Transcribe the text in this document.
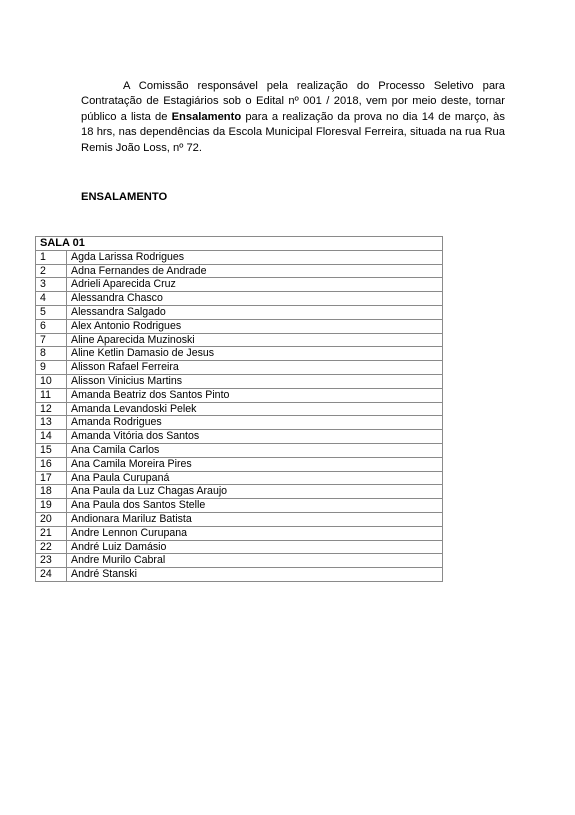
A Comissão responsável pela realização do Processo Seletivo para Contratação de Estagiários sob o Edital nº 001 / 2018, vem por meio deste, tornar público a lista de Ensalamento para a realização da prova no dia 14 de março, às 18 hrs, nas dependências da Escola Municipal Floresval Ferreira, situada na rua Rua Remis João Loss, nº 72.

ENSALAMENTO
SALA 01	
1	Agda Larissa Rodrigues
2	Adna Fernandes de Andrade
3	Adrieli Aparecida Cruz
4	Alessandra Chasco
5	Alessandra Salgado
6	Alex Antonio Rodrigues
7	Aline Aparecida Muzinoski
8	Aline Ketlin Damasio de Jesus
9	Alisson Rafael Ferreira
10	Alisson Vinicius Martins
11	Amanda Beatriz dos Santos Pinto
12	Amanda Levandoski Pelek
13	Amanda Rodrigues
14	Amanda Vitória dos Santos
15	Ana Camila Carlos
16	Ana Camila Moreira Pires
17	Ana Paula Curupaná
18	Ana Paula da Luz Chagas Araujo
19	Ana Paula dos Santos Stelle
20	Andionara Mariluz Batista
21	Andre Lennon Curupana
22	André Luiz Damásio
23	Andre Murilo Cabral
24	André Stanski
